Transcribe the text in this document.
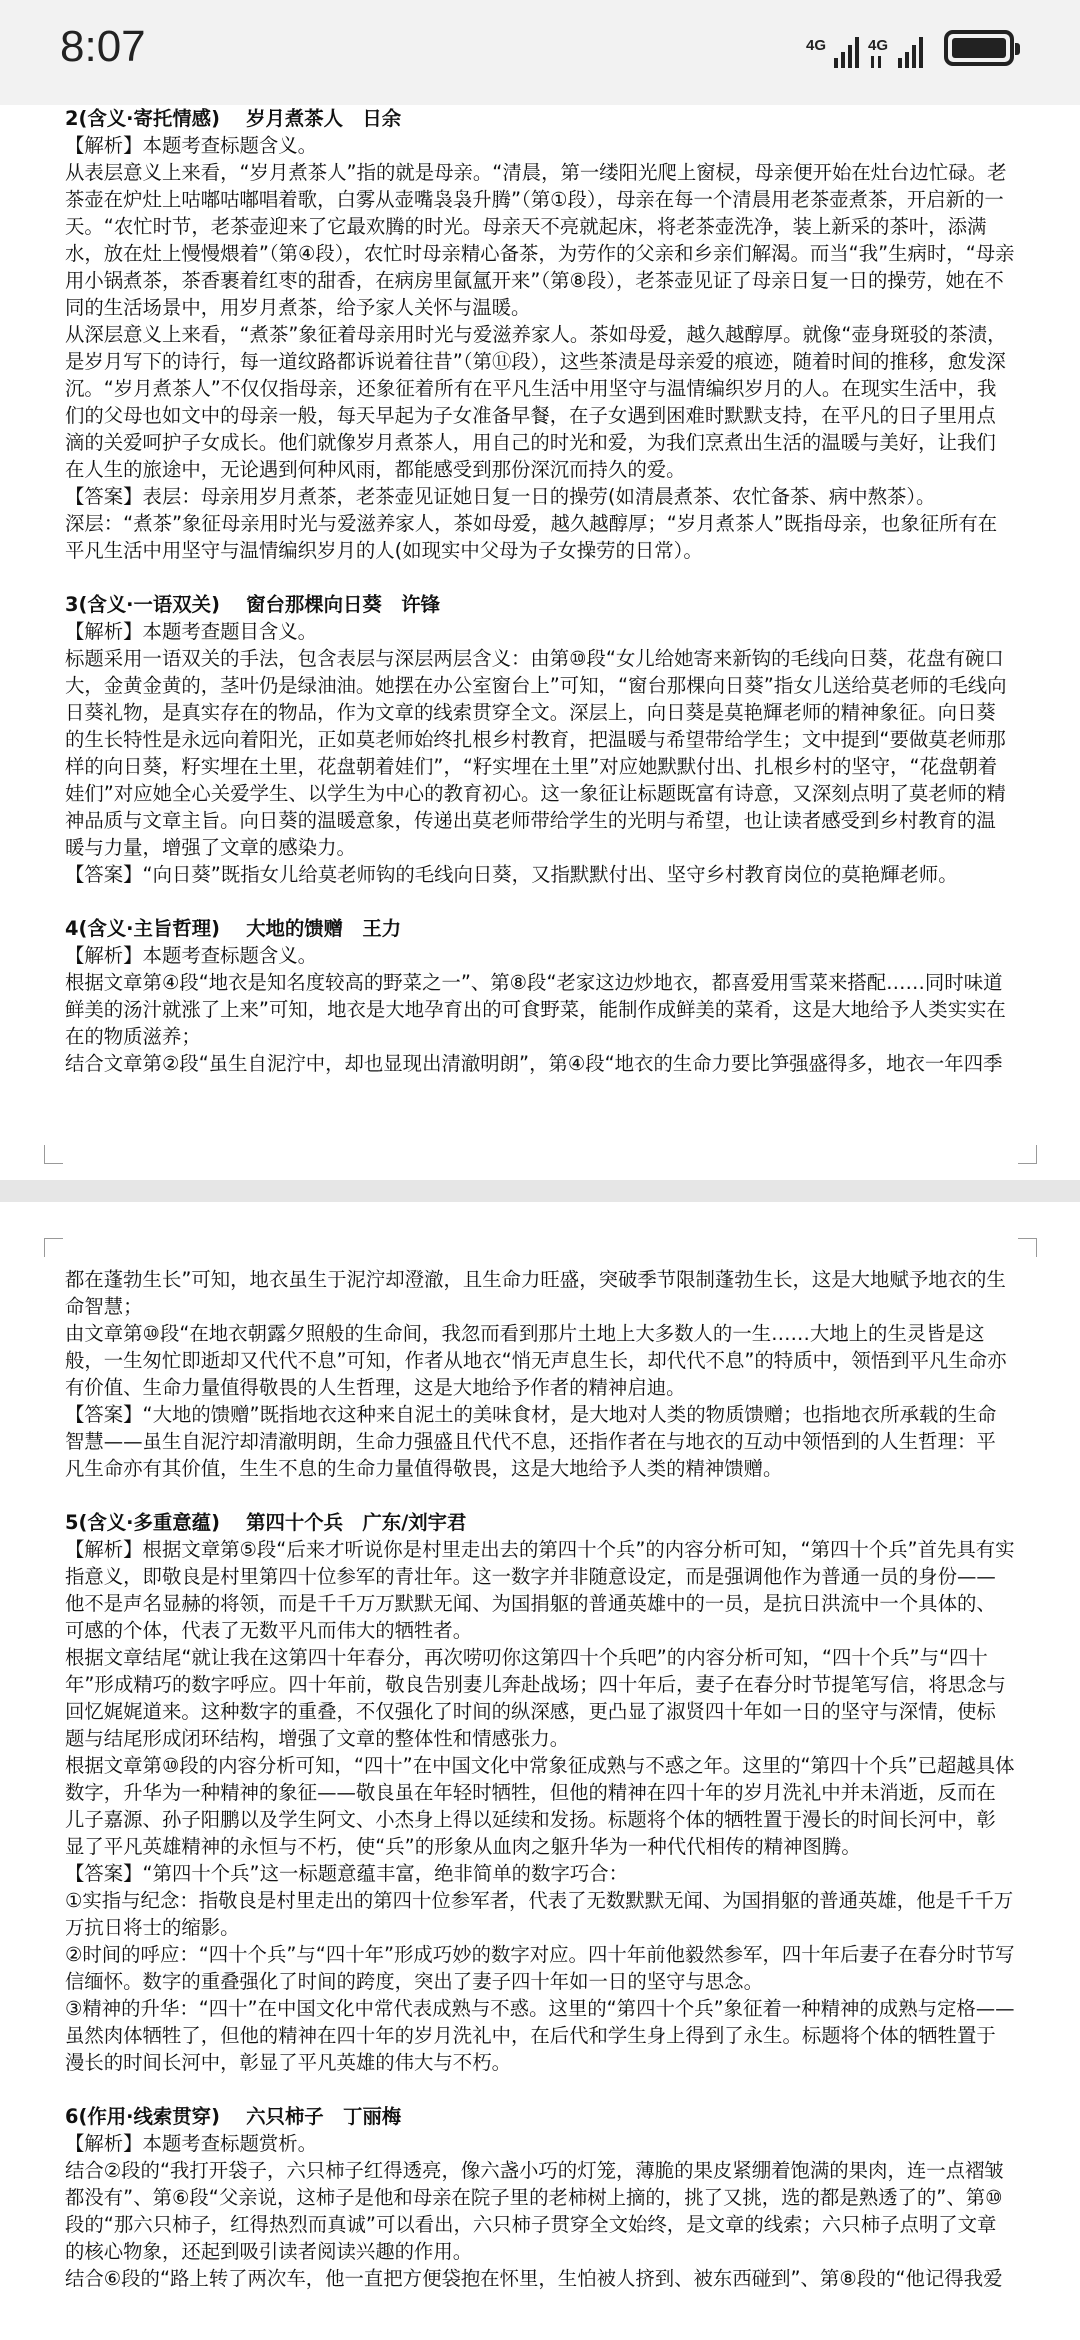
8:07	4G	4G

2(含义·寄托情感)　 岁月煮茶人　日余

【解析】本题考查标题含义。

从表层意义上来看，“岁月煮茶人”指的就是母亲。“清晨，第一缕阳光爬上窗棂，母亲便开始在灶台边忙碌。老茶壶在炉灶上咕嘟咕嘟唱着歌，白雾从壶嘴袅袅升腾”（第①段），母亲在每一个清晨用老茶壶煮茶，开启新的一天。“农忙时节，老茶壶迎来了它最欢腾的时光。母亲天不亮就起床，将老茶壶洗净，装上新采的茶叶，添满水，放在灶上慢慢煨着”（第④段），农忙时母亲精心备茶，为劳作的父亲和乡亲们解渴。而当“我”生病时，“母亲用小锅煮茶，茶香裹着红枣的甜香，在病房里氤氲开来”（第⑧段），老茶壶见证了母亲日复一日的操劳，她在不同的生活场景中，用岁月煮茶，给予家人关怀与温暖。

从深层意义上来看，“煮茶”象征着母亲用时光与爱滋养家人。茶如母爱，越久越醇厚。就像“壶身斑驳的茶渍，是岁月写下的诗行，每一道纹路都诉说着往昔”（第⑪段），这些茶渍是母亲爱的痕迹，随着时间的推移，愈发深沉。“岁月煮茶人”不仅仅指母亲，还象征着所有在平凡生活中用坚守与温情编织岁月的人。在现实生活中，我们的父母也如文中的母亲一般，每天早起为子女准备早餐，在子女遇到困难时默默支持，在平凡的日子里用点滴的关爱呵护子女成长。他们就像岁月煮茶人，用自己的时光和爱，为我们烹煮出生活的温暖与美好，让我们在人生的旅途中，无论遇到何种风雨，都能感受到那份深沉而持久的爱。

【答案】表层：母亲用岁月煮茶，老茶壶见证她日复一日的操劳(如清晨煮茶、农忙备茶、病中熬茶）。

深层：“煮茶”象征母亲用时光与爱滋养家人，茶如母爱，越久越醇厚；“岁月煮茶人”既指母亲，也象征所有在平凡生活中用坚守与温情编织岁月的人(如现实中父母为子女操劳的日常）。

3(含义·一语双关)　 窗台那棵向日葵　许锋

【解析】本题考查题目含义。

标题采用一语双关的手法，包含表层与深层两层含义：由第⑩段“女儿给她寄来新钩的毛线向日葵，花盘有碗口大，金黄金黄的，茎叶仍是绿油油。她摆在办公室窗台上”可知，“窗台那棵向日葵”指女儿送给莫老师的毛线向日葵礼物，是真实存在的物品，作为文章的线索贯穿全文。深层上，向日葵是莫艳輝老师的精神象征。向日葵的生长特性是永远向着阳光，正如莫老师始终扎根乡村教育，把温暖与希望带给学生；文中提到“要做莫老师那样的向日葵，籽实埋在土里，花盘朝着娃们”，“籽实埋在土里”对应她默默付出、扎根乡村的坚守，“花盘朝着娃们”对应她全心关爱学生、以学生为中心的教育初心。这一象征让标题既富有诗意，又深刻点明了莫老师的精神品质与文章主旨。向日葵的温暖意象，传递出莫老师带给学生的光明与希望，也让读者感受到乡村教育的温暖与力量，增强了文章的感染力。

【答案】“向日葵”既指女儿给莫老师钩的毛线向日葵，又指默默付出、坚守乡村教育岗位的莫艳輝老师。

4(含义·主旨哲理)　 大地的馈赠　王力

【解析】本题考查标题含义。

根据文章第④段“地衣是知名度较高的野菜之一”、第⑧段“老家这边炒地衣，都喜爱用雪菜来搭配……同时味道鲜美的汤汁就涨了上来”可知，地衣是大地孕育出的可食野菜，能制作成鲜美的菜肴，这是大地给予人类实实在在的物质滋养；

结合文章第②段“虽生自泥泞中，却也显现出清澈明朗”，第④段“地衣的生命力要比笋强盛得多，地衣一年四季

都在蓬勃生长”可知，地衣虽生于泥泞却澄澈，且生命力旺盛，突破季节限制蓬勃生长，这是大地赋予地衣的生命智慧；

由文章第⑩段“在地衣朝露夕照般的生命间，我忽而看到那片土地上大多数人的一生……大地上的生灵皆是这般，一生匆忙即逝却又代代不息”可知，作者从地衣“悄无声息生长，却代代不息”的特质中，领悟到平凡生命亦有价值、生命力量值得敬畏的人生哲理，这是大地给予作者的精神启迪。

【答案】“大地的馈赠”既指地衣这种来自泥土的美味食材，是大地对人类的物质馈赠；也指地衣所承载的生命智慧——虽生自泥泞却清澈明朗，生命力强盛且代代不息，还指作者在与地衣的互动中领悟到的人生哲理：平凡生命亦有其价值，生生不息的生命力量值得敬畏，这是大地给予人类的精神馈赠。

5(含义·多重意蕴)　 第四十个兵　广东/刘宇君

【解析】根据文章第⑤段“后来才听说你是村里走出去的第四十个兵”的内容分析可知，“第四十个兵”首先具有实指意义，即敬良是村里第四十位参军的青壮年。这一数字并非随意设定，而是强调他作为普通一员的身份——他不是声名显赫的将领，而是千千万万默默无闻、为国捐躯的普通英雄中的一员，是抗日洪流中一个具体的、可感的个体，代表了无数平凡而伟大的牺牲者。

根据文章结尾“就让我在这第四十年春分，再次唠叨你这第四十个兵吧”的内容分析可知，“四十个兵”与“四十年”形成精巧的数字呼应。四十年前，敬良告别妻儿奔赴战场；四十年后，妻子在春分时节提笔写信，将思念与回忆娓娓道来。这种数字的重叠，不仅强化了时间的纵深感，更凸显了淑贤四十年如一日的坚守与深情，使标题与结尾形成闭环结构，增强了文章的整体性和情感张力。

根据文章第⑩段的内容分析可知，“四十”在中国文化中常象征成熟与不惑之年。这里的“第四十个兵”已超越具体数字，升华为一种精神的象征——敬良虽在年轻时牺牲，但他的精神在四十年的岁月洗礼中并未消逝，反而在儿子嘉源、孙子阳鹏以及学生阿文、小杰身上得以延续和发扬。标题将个体的牺牲置于漫长的时间长河中，彰显了平凡英雄精神的永恒与不朽，使“兵”的形象从血肉之躯升华为一种代代相传的精神图腾。

【答案】“第四十个兵”这一标题意蕴丰富，绝非简单的数字巧合：

①实指与纪念：指敬良是村里走出的第四十位参军者，代表了无数默默无闻、为国捐躯的普通英雄，他是千千万万抗日将士的缩影。

②时间的呼应：“四十个兵”与“四十年”形成巧妙的数字对应。四十年前他毅然参军，四十年后妻子在春分时节写信缅怀。数字的重叠强化了时间的跨度，突出了妻子四十年如一日的坚守与思念。

③精神的升华：“四十”在中国文化中常代表成熟与不惑。这里的“第四十个兵”象征着一种精神的成熟与定格——虽然肉体牺牲了，但他的精神在四十年的岁月洗礼中，在后代和学生身上得到了永生。标题将个体的牺牲置于漫长的时间长河中，彰显了平凡英雄的伟大与不朽。

6(作用·线索贯穿)　 六只柿子　丁丽梅

【解析】本题考查标题赏析。

结合②段的“我打开袋子，六只柿子红得透亮，像六盏小巧的灯笼，薄脆的果皮紧绷着饱满的果肉，连一点褶皱都没有”、第⑥段“父亲说，这柿子是他和母亲在院子里的老柿树上摘的，挑了又挑，选的都是熟透了的”、第⑩段的“那六只柿子，红得热烈而真诚”可以看出，六只柿子贯穿全文始终，是文章的线索；六只柿子点明了文章的核心物象，还起到吸引读者阅读兴趣的作用。

结合⑥段的“路上转了两次车，他一直把方便袋抱在怀里，生怕被人挤到、被东西碰到”、第⑧段的“他记得我爱
